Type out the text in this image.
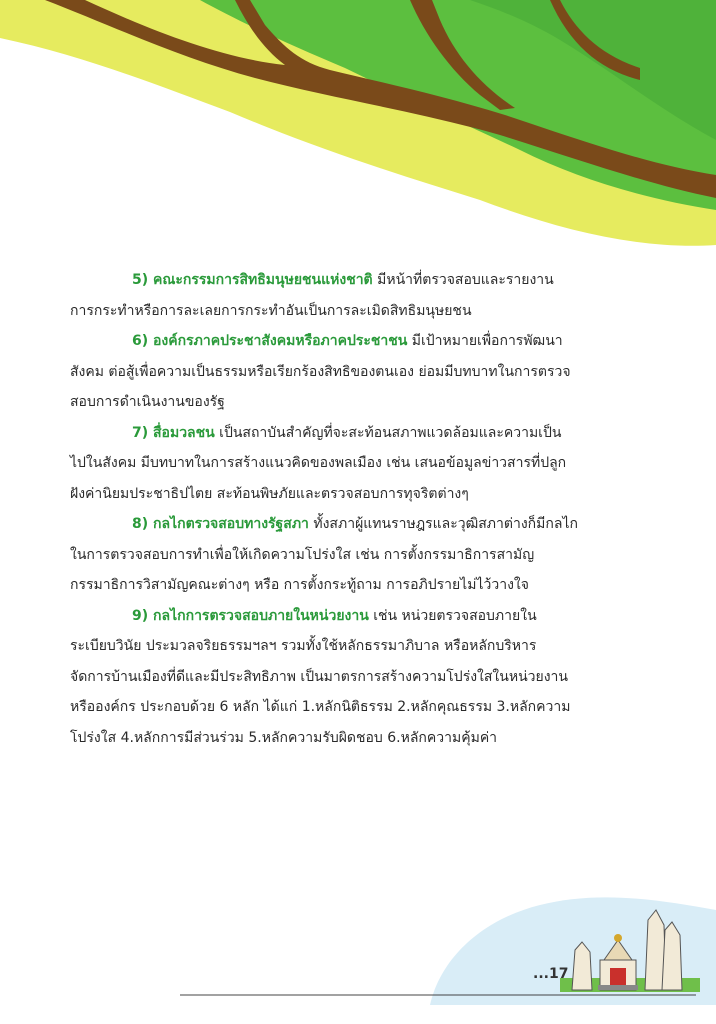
5) คณะกรรมการสิทธิมนุษยชนแห่งชาติ มีหน้าที่ตรวจสอบและรายงาน
การกระทำหรือการละเลยการกระทำอันเป็นการละเมิดสิทธิมนุษยชน
6) องค์กรภาคประชาสังคมหรือภาคประชาชน มีเป้าหมายเพื่อการพัฒนา
สังคม ต่อสู้เพื่อความเป็นธรรมหรือเรียกร้องสิทธิของตนเอง ย่อมมีบทบาทในการตรวจ
สอบการดำเนินงานของรัฐ
7) สื่อมวลชน เป็นสถาบันสำคัญที่จะสะท้อนสภาพแวดล้อมและความเป็น
ไปในสังคม มีบทบาทในการสร้างแนวคิดของพลเมือง เช่น เสนอข้อมูลข่าวสารที่ปลูก
ฝังค่านิยมประชาธิปไตย สะท้อนพิษภัยและตรวจสอบการทุจริตต่างๆ
8) กลไกตรวจสอบทางรัฐสภา ทั้งสภาผู้แทนราษฎรและวุฒิสภาต่างก็มีกลไก
ในการตรวจสอบการทำเพื่อให้เกิดความโปร่งใส เช่น การตั้งกรรมาธิการสามัญ
กรรมาธิการวิสามัญคณะต่างๆ หรือ การตั้งกระทู้ถาม การอภิปรายไม่ไว้วางใจ
9) กลไกการตรวจสอบภายในหน่วยงาน เช่น หน่วยตรวจสอบภายใน
ระเบียบวินัย ประมวลจริยธรรมฯลฯ รวมทั้งใช้หลักธรรมาภิบาล หรือหลักบริหาร
จัดการบ้านเมืองที่ดีและมีประสิทธิภาพ เป็นมาตรการสร้างความโปร่งใสในหน่วยงาน
หรือองค์กร ประกอบด้วย 6 หลัก ได้แก่ 1.หลักนิติธรรม 2.หลักคุณธรรม 3.หลักความ
โปร่งใส 4.หลักการมีส่วนร่วม 5.หลักความรับผิดชอบ 6.หลักความคุ้มค่า
...17
